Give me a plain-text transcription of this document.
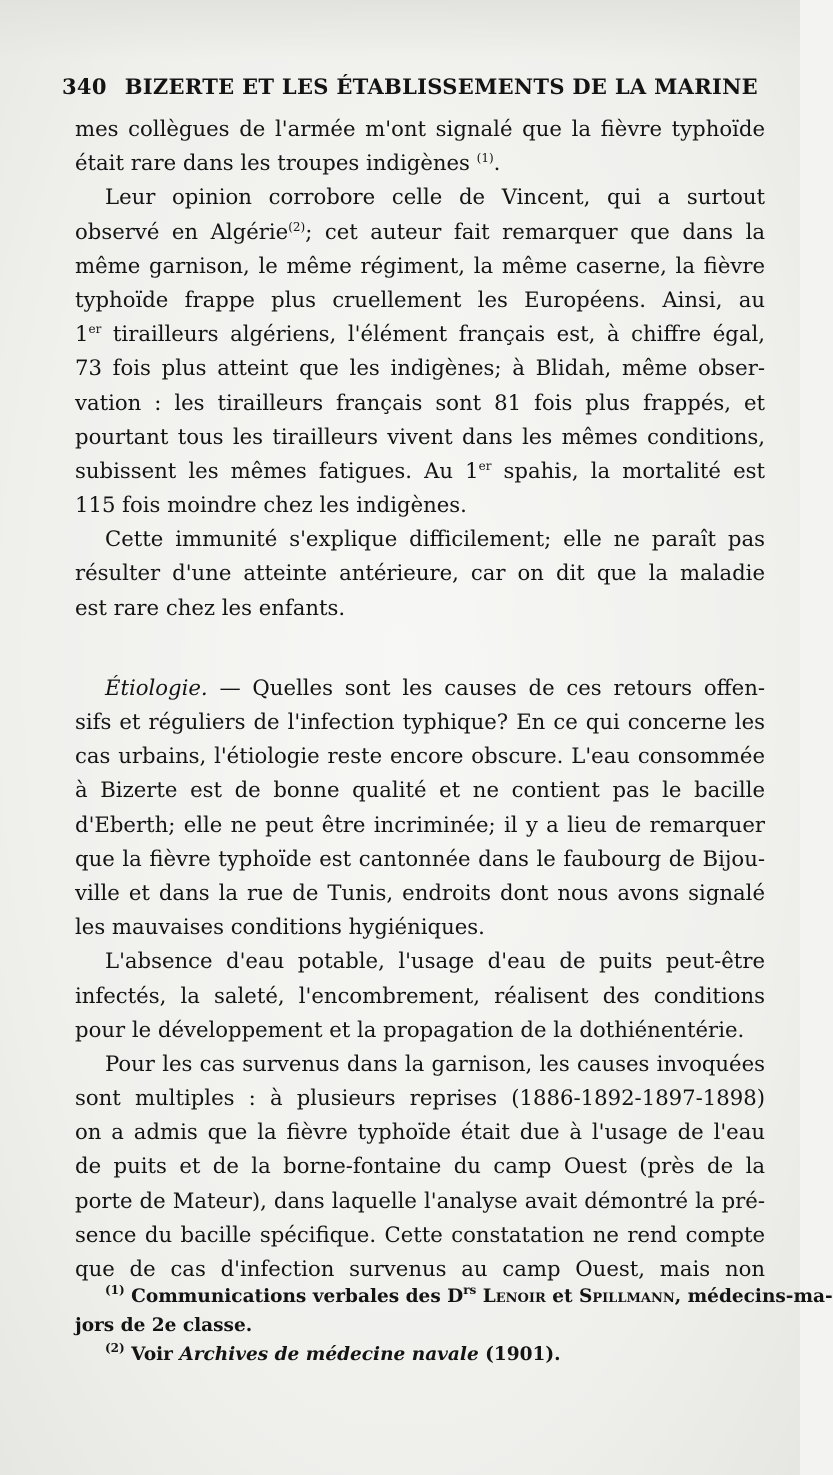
340 BIZERTE ET LES ÉTABLISSEMENTS DE LA MARINE
mes collègues de l'armée m'ont signalé que la fièvre typhoïde
était rare dans les troupes indigènes $^{(1)}$.
Leur opinion corrobore celle de Vincent, qui a surtout
observé en Algérie$^{(2)}$; cet auteur fait remarquer que dans la
même garnison, le même régiment, la même caserne, la fièvre
typhoïde frappe plus cruellement les Européens. Ainsi, au
1er tirailleurs algériens, l'élément français est, à chiffre égal,
73 fois plus atteint que les indigènes; à Blidah, même obser-
vation : les tirailleurs français sont 81 fois plus frappés, et
pourtant tous les tirailleurs vivent dans les mêmes conditions,
subissent les mêmes fatigues. Au 1er spahis, la mortalité est
115 fois moindre chez les indigènes.
Cette immunité s'explique difficilement; elle ne paraît pas
résulter d'une atteinte antérieure, car on dit que la maladie
est rare chez les enfants.
Étiologie. — Quelles sont les causes de ces retours offen-
sifs et réguliers de l'infection typhique? En ce qui concerne les
cas urbains, l'étiologie reste encore obscure. L'eau consommée
à Bizerte est de bonne qualité et ne contient pas le bacille
d'Eberth; elle ne peut être incriminée; il y a lieu de remarquer
que la fièvre typhoïde est cantonnée dans le faubourg de Bijou-
ville et dans la rue de Tunis, endroits dont nous avons signalé
les mauvaises conditions hygiéniques.
L'absence d'eau potable, l'usage d'eau de puits peut-être
infectés, la saleté, l'encombrement, réalisent des conditions
pour le développement et la propagation de la dothiénentérie.
Pour les cas survenus dans la garnison, les causes invoquées
sont multiples : à plusieurs reprises (1886-1892-1897-1898)
on a admis que la fièvre typhoïde était due à l'usage de l'eau
de puits et de la borne-fontaine du camp Ouest (près de la
porte de Mateur), dans laquelle l'analyse avait démontré la pré-
sence du bacille spécifique. Cette constatation ne rend compte
que de cas d'infection survenus au camp Ouest, mais non
$^{(1)}$ Communications verbales des $D^{rs}$ Lenoir et Spillmann, médecins-ma-
jors de 2e classe.
$^{(2)}$ Voir Archives de médecine navale (1901).
